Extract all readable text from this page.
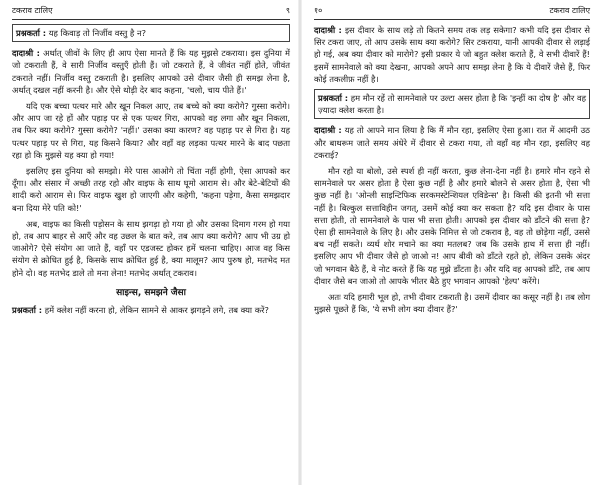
टकराव टालिए	९

प्रश्नकर्ता : यह किवाड़ तो निर्जीव वस्तु है न?

दादाश्री : अर्थात् जीवों के लिए ही आप ऐसा मानते हैं कि यह मुझसे टकराया। इस दुनिया में जो टकराती हैं, वे सारी निर्जीव वस्तुएँ होती हैं। जो टकराते हैं, वे जीवंत नहीं होते, जीवंत टकराते नहीं। निर्जीव वस्तु टकराती है। इसलिए आपको उसे दीवार जैसी ही समझ लेना है, अर्थात् दखल नहीं करनी है। और ऐसे थोड़ी देर बाद कहना, 'चलो, चाय पीते हैं।'

यदि एक बच्चा पत्थर मारे और खून निकल आए, तब बच्चे को क्या करोगे? गुस्सा करोगे। और आप जा रहे हों और पहाड़ पर से एक पत्थर गिरा, आपको वह लगा और खून निकला, तब फिर क्या करोगे? गुस्सा करोगे? 'नहीं।' उसका क्या कारण? वह पहाड़ पर से गिरा है। यह पत्थर पहाड़ पर से गिरा, यह किसने किया? और वहाँ वह लड़का पत्थर मारने के बाद पछता रहा हो कि मुझसे यह क्या हो गया!

इसलिए इस दुनिया को समझो। मेरे पास आओगे तो चिंता नहीं होगी, ऐसा आपको कर दूँगा। और संसार में अच्छी तरह रहो और वाइफ के साथ घूमो आराम से। और बेटे-बेटियों की शादी करो आराम से। फिर वाइफ खुश हो जाएगी और कहेगी, 'कहना पड़ेगा, कैसा समझदार बना दिया मेरे पति को!'

अब, वाइफ का किसी पड़ोसन के साथ झगड़ा हो गया हो और उसका दिमाग गरम हो गया हो, तब आप बाहर से आएँ और वह उछल के बात करे, तब आप क्या करोगे? आप भी उग्र हो जाओगे? ऐसे संयोग आ जाते हैं, वहाँ पर एडजस्ट होकर हमें चलना चाहिए। आज वह किस संयोग से क्रोधित हुई है, किसके साथ क्रोधित हुई है, क्या मालूम? आप पुरुष हो, मतभेद मत होने दो। वह मतभेद डाले तो मना लेना! मतभेद अर्थात् टकराव।

साइन्स, समझने जैसा

प्रश्नकर्ता : हमें क्लेश नहीं करना हो, लेकिन सामने से आकर झगड़ने लगे, तब क्या करें?

१०	टकराव टालिए

दादाश्री : इस दीवार के साथ लड़े तो कितने समय तक लड़ सकेगा? कभी यदि इस दीवार से सिर टकरा जाए, तो आप उसके साथ क्या करोगे? सिर टकराया, यानी आपकी दीवार से लड़ाई हो गई, अब क्या दीवार को मारोगे? इसी प्रकार ये जो बहुत क्लेश कराते हैं, वे सभी दीवारें हैं! इसमें सामनेवाले को क्या देखना, आपको अपने आप समझ लेना है कि ये दीवारें जैसे हैं, फिर कोई तकलीफ़ नहीं है।

प्रश्नकर्ता : हम मौन रहें तो सामनेवाले पर उल्टा असर होता है कि 'इन्हीं का दोष है' और वह ज़्यादा क्लेश करता है।

दादाश्री : यह तो आपने मान लिया है कि मैं मौन रहा, इसलिए ऐसा हुआ। रात में आदमी उठ और बाथरूम जाते समय अंधेरे में दीवार से टकरा गया, तो वहाँ वह मौन रहा, इसलिए वह टकराई?

मौन रहो या बोलो, उसे स्पर्श ही नहीं करता, कुछ लेना-देना नहीं है। हमारे मौन रहने से सामनेवाले पर असर होता है ऐसा कुछ नहीं है और हमारे बोलने से असर होता है, ऐसा भी कुछ नहीं है। 'ओन्ली साइन्टिफिक सरकमस्टेन्शियल एविडेन्स' है। किसी की इतनी भी सत्ता नहीं है। बिल्कुल सत्ताविहीन जगत्, उसमें कोई क्या कर सकता है? यदि इस दीवार के पास सत्ता होती, तो सामनेवाले के पास भी सत्ता होती। आपको इस दीवार को डाँटने की सत्ता है? ऐसा ही सामनेवाले के लिए है। और उसके निमित्त से जो टकराव है, वह तो छोड़ेगा नहीं, उससे बच नहीं सकते। व्यर्थ शोर मचाने का क्या मतलब? जब कि उसके हाथ में सत्ता ही नहीं। इसलिए आप भी दीवार जैसे हो जाओ न! आप बीवी को डाँटते रहते हो, लेकिन उसके अंदर जो भगवान बैठे हैं, वे नोट करते हैं कि यह मुझे डाँटता है। और यदि वह आपको डाँटे, तब आप दीवार जैसे बन जाओ तो आपके भीतर बैठे हुए भगवान आपको 'हेल्प' करेंगे।

अतः यदि हमारी भूल हो, तभी दीवार टकराती है। उसमें दीवार का कसूर नहीं है। तब लोग मुझसे पूछते हैं कि, 'ये सभी लोग क्या दीवार हैं?'
